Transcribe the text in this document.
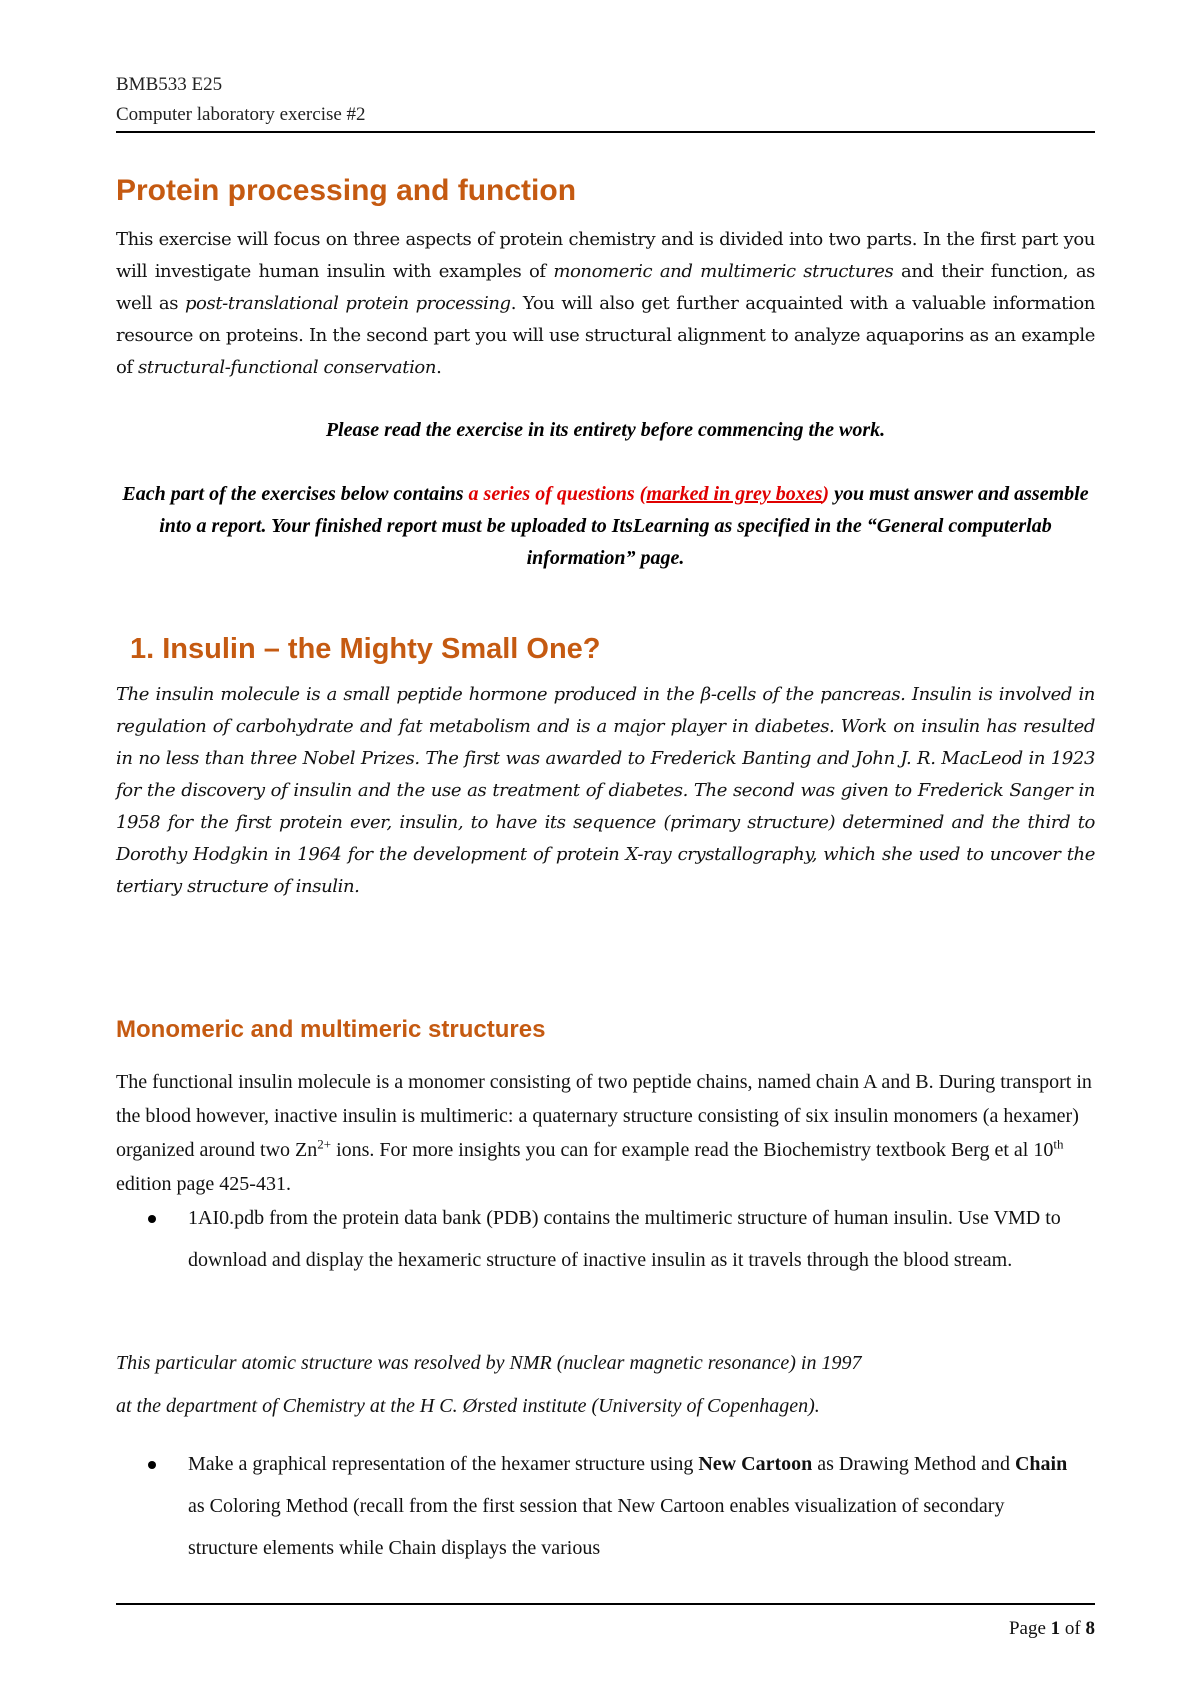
BMB533 E25
Computer laboratory exercise #2
Protein processing and function

This exercise will focus on three aspects of protein chemistry and is divided into two parts. In the first part you will investigate human insulin with examples of monomeric and multimeric structures and their function, as well as post-translational protein processing. You will also get further acquainted with a valuable information resource on proteins. In the second part you will use structural alignment to analyze aquaporins as an example of structural-functional conservation.

Please read the exercise in its entirety before commencing the work.

Each part of the exercises below contains a series of questions (marked in grey boxes) you must answer and assemble into a report. Your finished report must be uploaded to ItsLearning as specified in the “General computerlab information” page.

1. Insulin – the Mighty Small One?

The insulin molecule is a small peptide hormone produced in the β-cells of the pancreas. Insulin is involved in regulation of carbohydrate and fat metabolism and is a major player in diabetes. Work on insulin has resulted in no less than three Nobel Prizes. The first was awarded to Frederick Banting and John J. R. MacLeod in 1923 for the discovery of insulin and the use as treatment of diabetes. The second was given to Frederick Sanger in 1958 for the first protein ever, insulin, to have its sequence (primary structure) determined and the third to Dorothy Hodgkin in 1964 for the development of protein X-ray crystallography, which she used to uncover the tertiary structure of insulin.

Monomeric and multimeric structures

The functional insulin molecule is a monomer consisting of two peptide chains, named chain A and B. During transport in the blood however, inactive insulin is multimeric: a quaternary structure consisting of six insulin monomers (a hexamer) organized around two $Zn^{2+}$ ions. For more insights you can for example read the Biochemistry textbook Berg et al 10th edition page 425-431.

1AI0.pdb from the protein data bank (PDB) contains the multimeric structure of human insulin. Use VMD to download and display the hexameric structure of inactive insulin as it travels through the blood stream.

This particular atomic structure was resolved by NMR (nuclear magnetic resonance) in 1997
at the department of Chemistry at the H C. Ørsted institute (University of Copenhagen).

Make a graphical representation of the hexamer structure using New Cartoon as Drawing Method and Chain as Coloring Method (recall from the first session that New Cartoon enables visualization of secondary structure elements while Chain displays the various
Page 1 of 8
